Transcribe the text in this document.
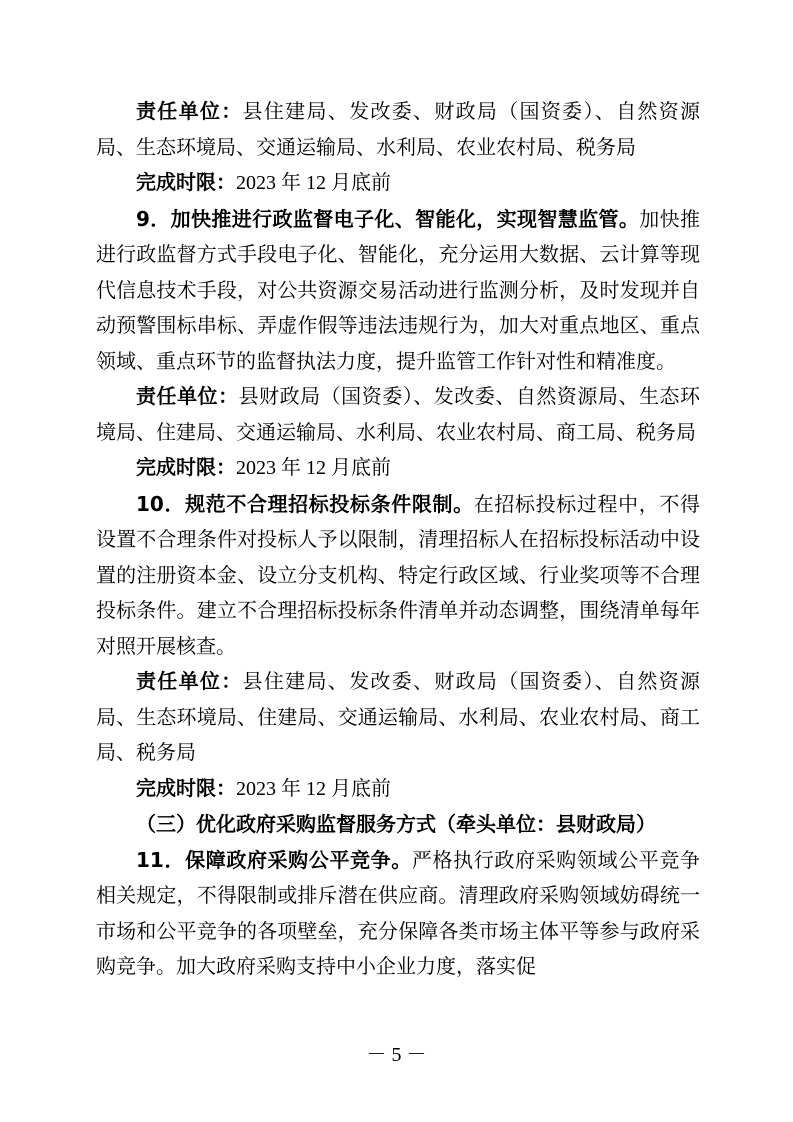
责任单位：县住建局、发改委、财政局（国资委）、自然资源局、生态环境局、交通运输局、水利局、农业农村局、税务局

完成时限：2023 年 12 月底前

9．加快推进行政监督电子化、智能化，实现智慧监管。加快推进行政监督方式手段电子化、智能化，充分运用大数据、云计算等现代信息技术手段，对公共资源交易活动进行监测分析，及时发现并自动预警围标串标、弄虚作假等违法违规行为，加大对重点地区、重点领域、重点环节的监督执法力度，提升监管工作针对性和精准度。

责任单位：县财政局（国资委）、发改委、自然资源局、生态环境局、住建局、交通运输局、水利局、农业农村局、商工局、税务局

完成时限：2023 年 12 月底前

10．规范不合理招标投标条件限制。在招标投标过程中，不得设置不合理条件对投标人予以限制，清理招标人在招标投标活动中设置的注册资本金、设立分支机构、特定行政区域、行业奖项等不合理投标条件。建立不合理招标投标条件清单并动态调整，围绕清单每年对照开展核查。

责任单位：县住建局、发改委、财政局（国资委）、自然资源局、生态环境局、住建局、交通运输局、水利局、农业农村局、商工局、税务局

完成时限：2023 年 12 月底前

（三）优化政府采购监督服务方式（牵头单位：县财政局）

11．保障政府采购公平竞争。严格执行政府采购领域公平竞争相关规定，不得限制或排斥潜在供应商。清理政府采购领域妨碍统一市场和公平竞争的各项壁垒，充分保障各类市场主体平等参与政府采购竞争。加大政府采购支持中小企业力度，落实促

－ 5 －
